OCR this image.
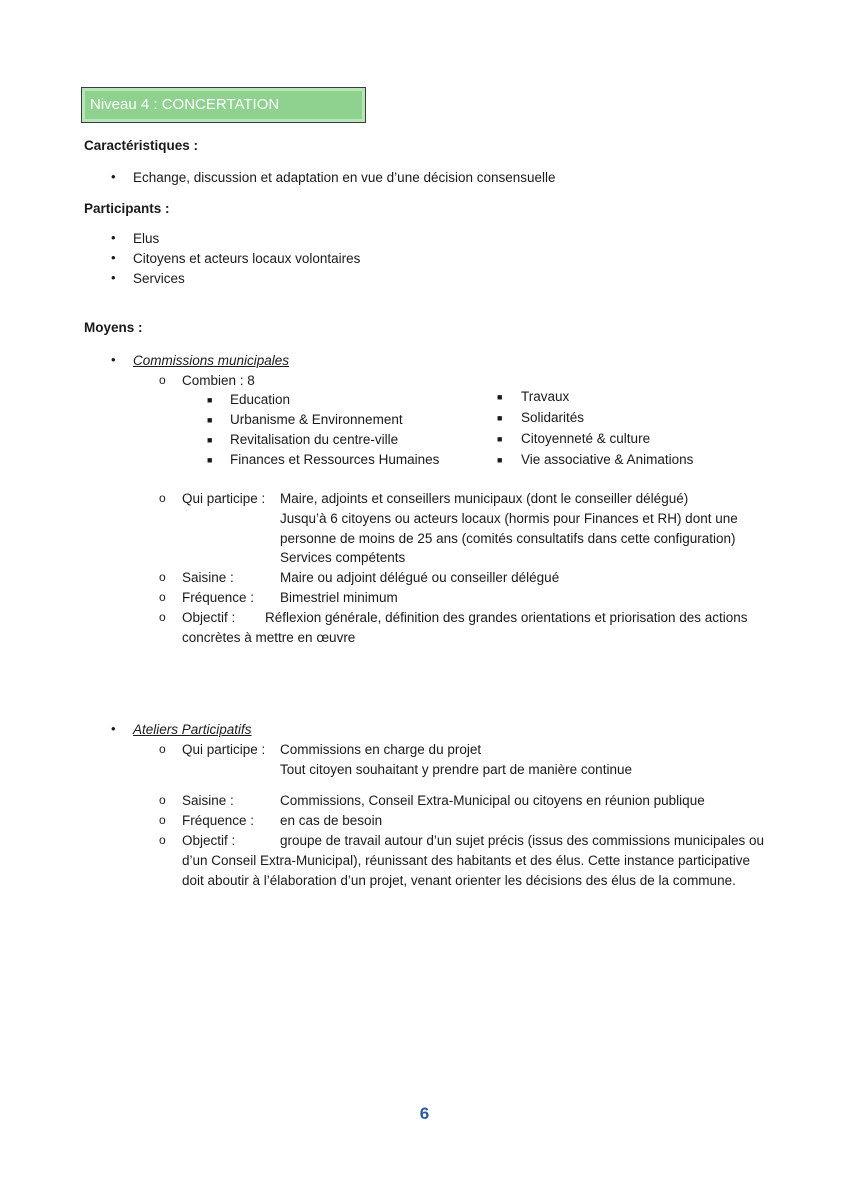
Niveau 4 : CONCERTATION
Caractéristiques :
• Echange, discussion et adaptation en vue d’une décision consensuelle
Participants :
• Elus
• Citoyens et acteurs locaux volontaires
• Services
Moyens :
• Commissions municipales
o Combien : 8
■ Education
■ Urbanisme & Environnement
■ Revitalisation du centre-ville
■ Finances et Ressources Humaines
■ Travaux
■ Solidarités
■ Citoyenneté & culture
■ Vie associative & Animations
o Qui participe : Maire, adjoints et conseillers municipaux (dont le conseiller délégué)
Jusqu’à 6 citoyens ou acteurs locaux (hormis pour Finances et RH) dont une
personne de moins de 25 ans (comités consultatifs dans cette configuration)
Services compétents
o Saisine :	Maire ou adjoint délégué ou conseiller délégué
o Fréquence : Bimestriel minimum
o Objectif : Réflexion générale, définition des grandes orientations et priorisation des actions
concrètes à mettre en œuvre
• Ateliers Participatifs
o Qui participe : Commissions en charge du projet
Tout citoyen souhaitant y prendre part de manière continue
o Saisine :	Commissions, Conseil Extra-Municipal ou citoyens en réunion publique
o Fréquence : en cas de besoin
o Objectif :	groupe de travail autour d’un sujet précis (issus des commissions municipales ou
d’un Conseil Extra-Municipal), réunissant des habitants et des élus. Cette instance participative
doit aboutir à l’élaboration d’un projet, venant orienter les décisions des élus de la commune.
6
